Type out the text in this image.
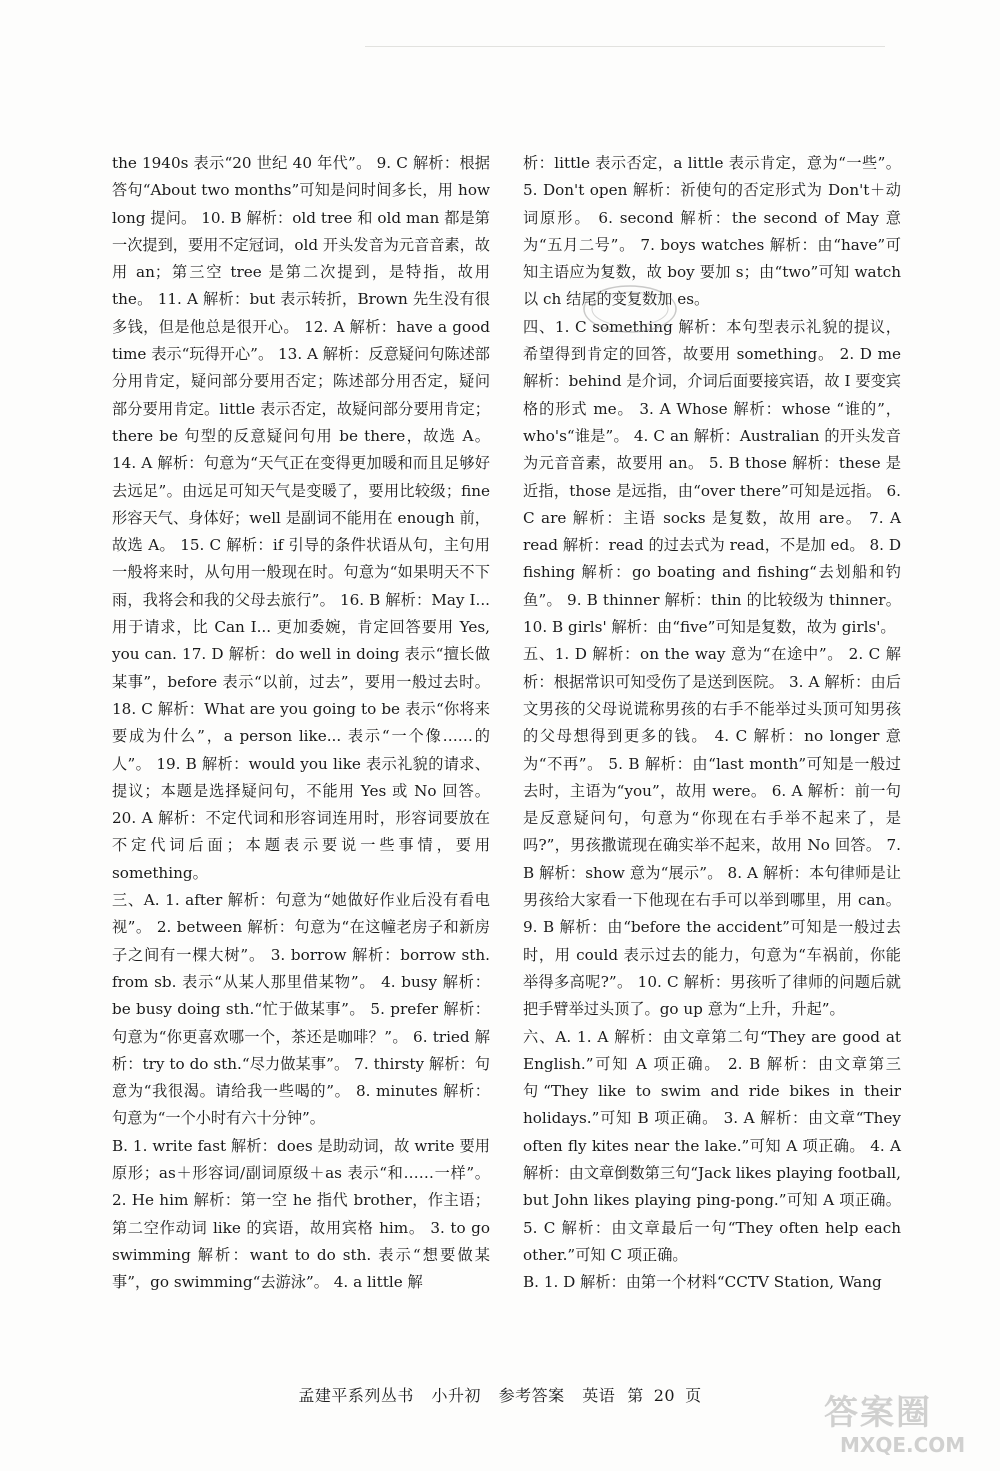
the 1940s 表示“20 世纪 40 年代”。 9. C 解析：根据答句“About two months”可知是问时间多长，用 how long 提问。 10. B 解析：old tree 和 old man 都是第一次提到，要用不定冠词，old 开头发音为元音音素，故用 an；第三空 tree 是第二次提到，是特指，故用 the。 11. A 解析：but 表示转折，Brown 先生没有很多钱，但是他总是很开心。 12. A 解析：have a good time 表示“玩得开心”。 13. A 解析：反意疑问句陈述部分用肯定，疑问部分要用否定；陈述部分用否定，疑问部分要用肯定。little 表示否定，故疑问部分要用肯定；there be 句型的反意疑问句用 be there，故选 A。 14. A 解析：句意为“天气正在变得更加暖和而且足够好去远足”。由远足可知天气是变暖了，要用比较级；fine 形容天气、身体好；well 是副词不能用在 enough 前，故选 A。 15. C 解析：if 引导的条件状语从句，主句用一般将来时，从句用一般现在时。句意为“如果明天不下雨，我将会和我的父母去旅行”。 16. B 解析：May I... 用于请求，比 Can I... 更加委婉，肯定回答要用 Yes, you can. 17. D 解析：do well in doing 表示“擅长做某事”，before 表示“以前，过去”，要用一般过去时。 18. C 解析：What are you going to be 表示“你将来要成为什么”，a person like... 表示“一个像……的人”。 19. B 解析：would you like 表示礼貌的请求、提议；本题是选择疑问句，不能用 Yes 或 No 回答。 20. A 解析：不定代词和形容词连用时，形容词要放在不定代词后面；本题表示要说一些事情，要用 something。

三、A. 1. after 解析：句意为“她做好作业后没有看电视”。 2. between 解析：句意为“在这幢老房子和新房子之间有一棵大树”。 3. borrow 解析：borrow sth. from sb. 表示“从某人那里借某物”。 4. busy 解析：be busy doing sth.“忙于做某事”。 5. prefer 解析：句意为“你更喜欢哪一个，茶还是咖啡？”。 6. tried 解析：try to do sth.“尽力做某事”。 7. thirsty 解析：句意为“我很渴。请给我一些喝的”。 8. minutes 解析：句意为“一个小时有六十分钟”。

B. 1. write fast 解析：does 是助动词，故 write 要用原形；as＋形容词/副词原级＋as 表示“和……一样”。 2. He him 解析：第一空 he 指代 brother，作主语；第二空作动词 like 的宾语，故用宾格 him。 3. to go swimming 解析：want to do sth. 表示“想要做某事”，go swimming“去游泳”。 4. a little 解

析：little 表示否定，a little 表示肯定，意为“一些”。 5. Don't open 解析：祈使句的否定形式为 Don't＋动词原形。 6. second 解析：the second of May 意为“五月二号”。 7. boys watches 解析：由“have”可知主语应为复数，故 boy 要加 s；由“two”可知 watch 以 ch 结尾的变复数加 es。

四、1. C something 解析：本句型表示礼貌的提议，希望得到肯定的回答，故要用 something。 2. D me 解析：behind 是介词，介词后面要接宾语，故 I 要变宾格的形式 me。 3. A Whose 解析：whose “谁的”，who's“谁是”。 4. C an 解析：Australian 的开头发音为元音音素，故要用 an。 5. B those 解析：these 是近指，those 是远指，由“over there”可知是远指。 6. C are 解析：主语 socks 是复数，故用 are。 7. A read 解析：read 的过去式为 read，不是加 ed。 8. D fishing 解析：go boating and fishing“去划船和钓鱼”。 9. B thinner 解析：thin 的比较级为 thinner。 10. B girls' 解析：由“five”可知是复数，故为 girls'。

五、1. D 解析：on the way 意为“在途中”。 2. C 解析：根据常识可知受伤了是送到医院。 3. A 解析：由后文男孩的父母说谎称男孩的右手不能举过头顶可知男孩的父母想得到更多的钱。 4. C 解析：no longer 意为“不再”。 5. B 解析：由“last month”可知是一般过去时，主语为“you”，故用 were。 6. A 解析：前一句是反意疑问句，句意为“你现在右手举不起来了，是吗?”，男孩撒谎现在确实举不起来，故用 No 回答。 7. B 解析：show 意为“展示”。 8. A 解析：本句律师是让男孩给大家看一下他现在右手可以举到哪里，用 can。 9. B 解析：由“before the accident”可知是一般过去时，用 could 表示过去的能力，句意为“车祸前，你能举得多高呢?”。 10. C 解析：男孩听了律师的问题后就把手臂举过头顶了。go up 意为“上升，升起”。

六、A. 1. A 解析：由文章第二句“They are good at English.”可知 A 项正确。 2. B 解析：由文章第三句“They like to swim and ride bikes in their holidays.”可知 B 项正确。 3. A 解析：由文章“They often fly kites near the lake.”可知 A 项正确。 4. A 解析：由文章倒数第三句“Jack likes playing football, but John likes playing ping-pong.”可知 A 项正确。 5. C 解析：由文章最后一句“They often help each other.”可知 C 项正确。

B. 1. D 解析：由第一个材料“CCTV Station, Wang

孟建平系列丛书 小升初 参考答案 英语 第 20 页	答案圈
MXQE.COM
